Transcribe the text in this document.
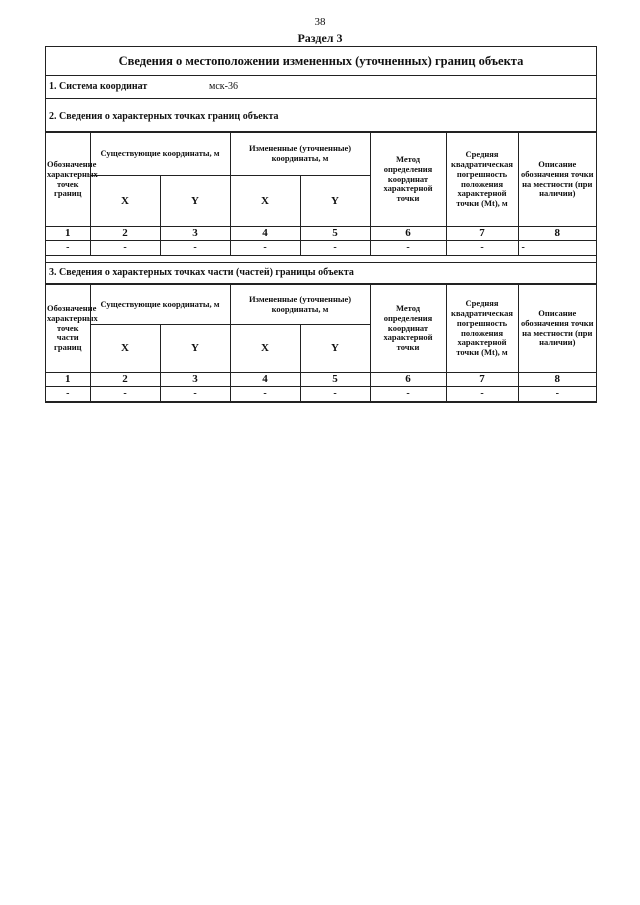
38
Раздел 3
Сведения о местоположении измененных (уточненных) границ объекта
1. Система координат	мск-36
2. Сведения о характерных точках границ объекта
Обозначение характерных точек границ	Существующие координаты, м		Измененные (уточненные) координаты, м		Метод определения координат характерной точки	Средняя квадратическая погрешность положения характерной точки (Mt), м	Описание обозначения точки на местности (при наличии)
	X	Y	X	Y			
1	2	3	4	5	6	7	8
-	-	-	-	-	-	-	-
3. Сведения о характерных точках части (частей) границы объекта
Обозначение характерных точек части границ	Существующие координаты, м		Измененные (уточненные) координаты, м		Метод определения координат характерной точки	Средняя квадратическая погрешность положения характерной точки (Mt), м	Описание обозначения точки на местности (при наличии)
	X	Y	X	Y			
1	2	3	4	5	6	7	8
-	-	-	-	-	-	-	-
